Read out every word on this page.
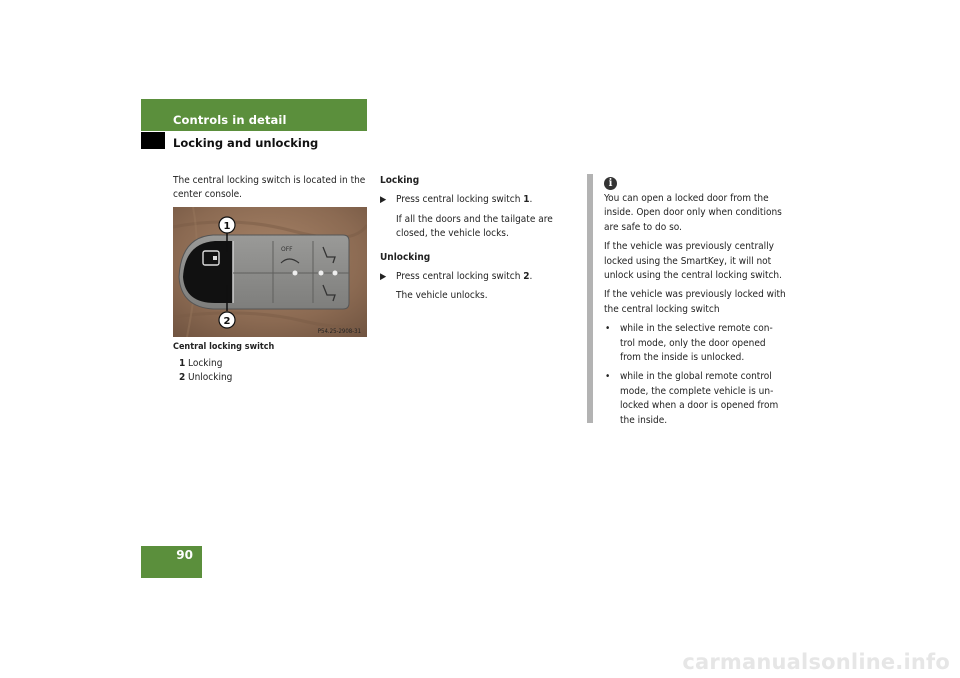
Controls in detail
Locking and unlocking
The central locking switch is located in the center console.
OFF
1
2
P54.25-2908-31
Central locking switch
1 Locking
2 Unlocking

Locking

▶ Press central locking switch 1.

If all the doors and the tailgate are closed, the vehicle locks.

Unlocking

▶ Press central locking switch 2.

The vehicle unlocks.

i

You can open a locked door from the inside. Open door only when conditions are safe to do so.

If the vehicle was previously centrally locked using the SmartKey, it will not unlock using the central locking switch.

If the vehicle was previously locked with the central locking switch

• while in the selective remote con-trol mode, only the door opened from the inside is unlocked.
• while in the global remote control mode, the complete vehicle is un-locked when a door is opened from the inside.
90
carmanualsonline.info
